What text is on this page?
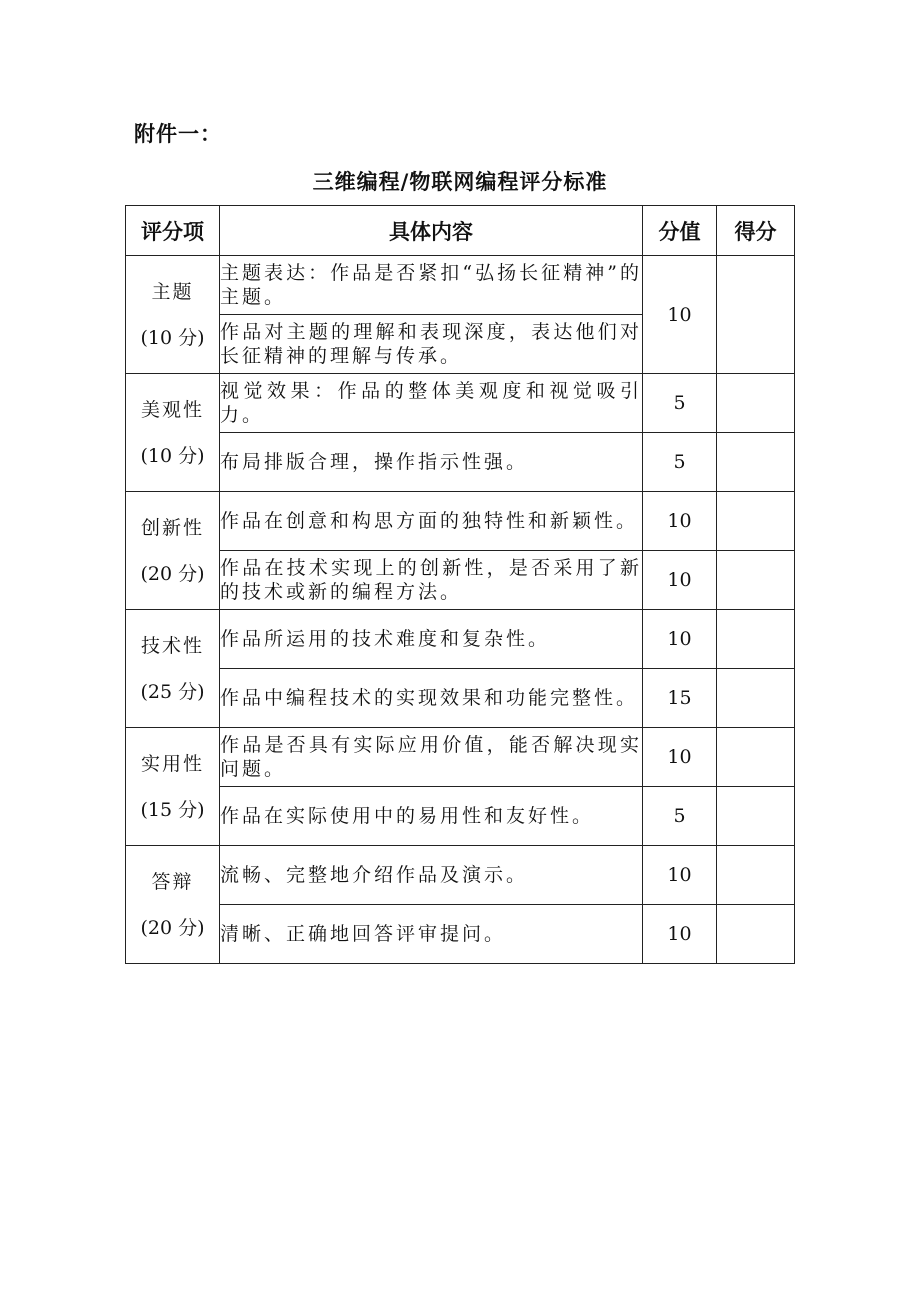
附件一：
三维编程/物联网编程评分标准
评分项	具体内容	分值	得分

主题
(10 分)	主题表达：作品是否紧扣“弘扬长征精神”的主题。	10	
	作品对主题的理解和表现深度，表达他们对长征精神的理解与传承。		

美观性
(10 分)	视觉效果：作品的整体美观度和视觉吸引力。	5	
	布局排版合理，操作指示性强。	5	

创新性
(20 分)	作品在创意和构思方面的独特性和新颖性。	10	
	作品在技术实现上的创新性，是否采用了新的技术或新的编程方法。	10	

技术性
(25 分)	作品所运用的技术难度和复杂性。	10	
	作品中编程技术的实现效果和功能完整性。	15	

实用性
(15 分)	作品是否具有实际应用价值，能否解决现实问题。	10	
	作品在实际使用中的易用性和友好性。	5	

答辩
(20 分)	流畅、完整地介绍作品及演示。	10	
	清晰、正确地回答评审提问。	10	
